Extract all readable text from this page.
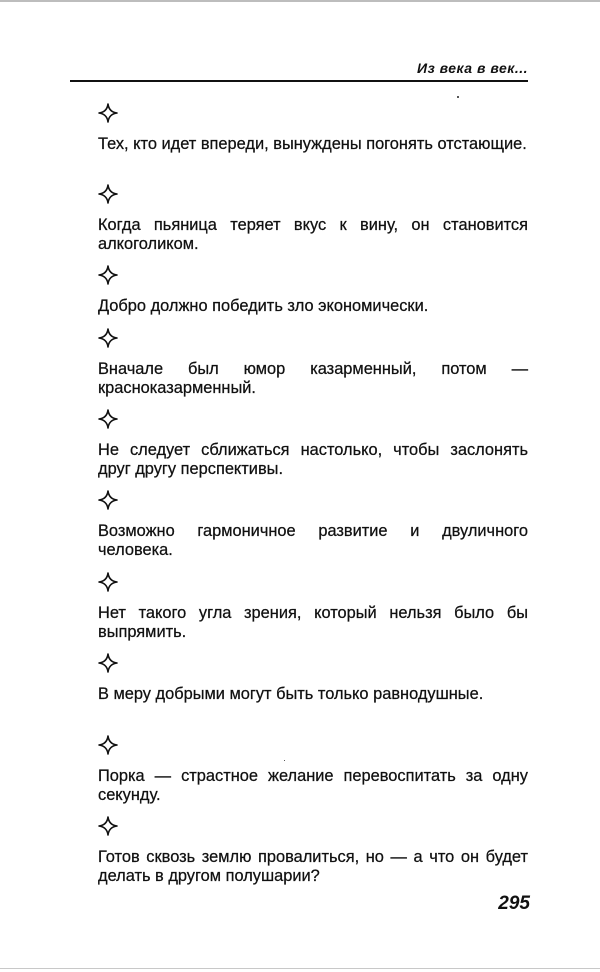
Из века в век...
Тех, кто идет впереди, вынуждены погонять отстающие.
Когда пьяница теряет вкус к вину, он становится алкоголиком.
Добро должно победить зло экономически.
Вначале был юмор казарменный, потом — красноказарменный.
Не следует сближаться настолько, чтобы заслонять друг другу перспективы.
Возможно гармоничное развитие и двуличного человека.
Нет такого угла зрения, который нельзя было бы выпрямить.
В меру добрыми могут быть только равнодушные.
Порка — страстное желание перевоспитать за одну секунду.
Готов сквозь землю провалиться, но — а что он будет делать в другом полушарии?
295
